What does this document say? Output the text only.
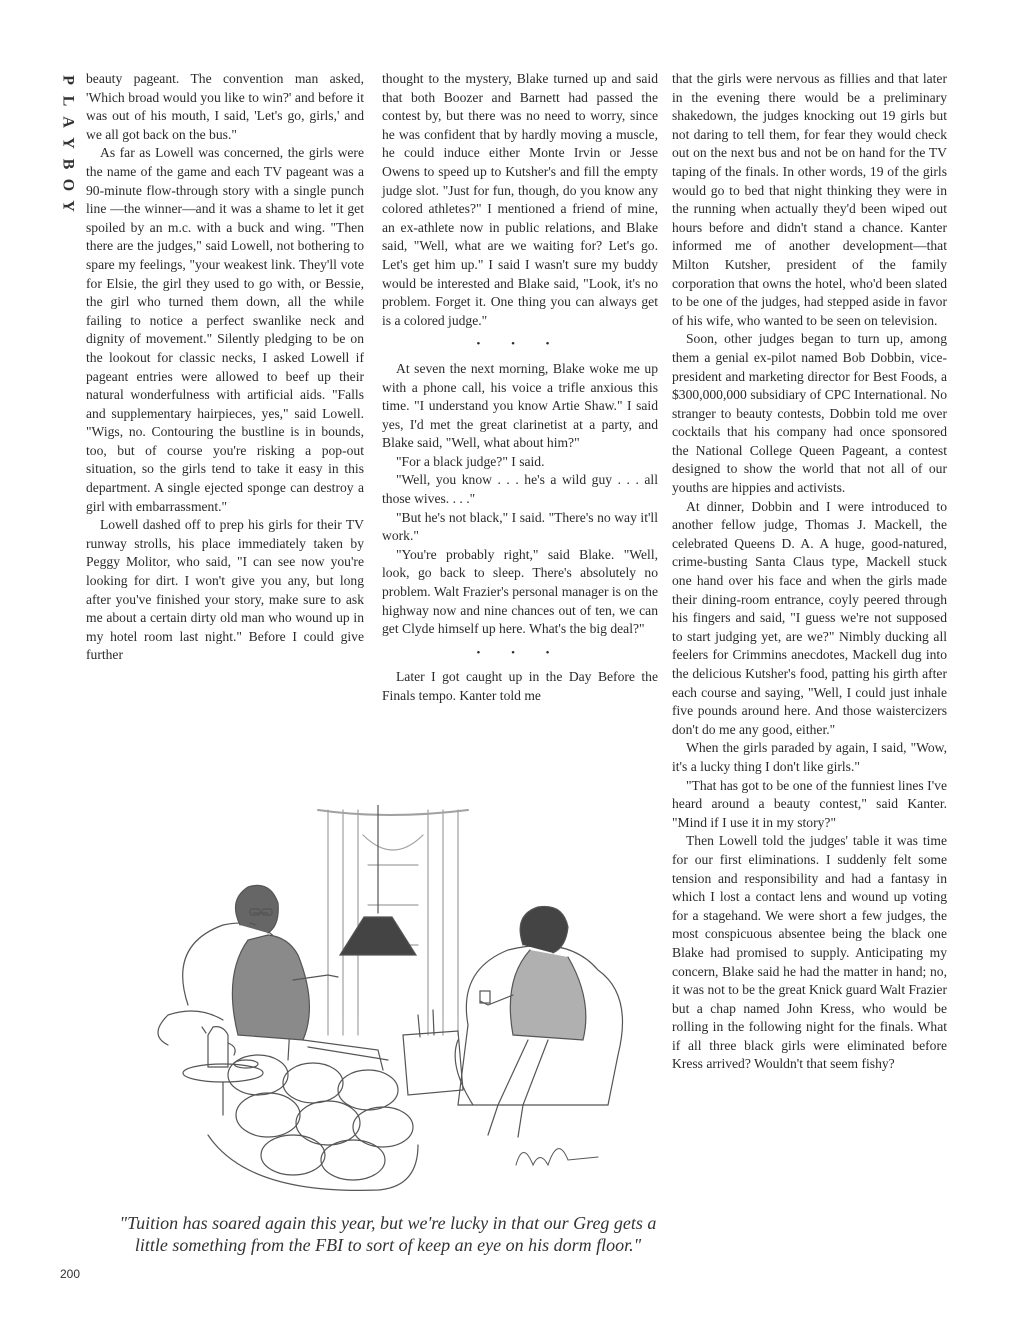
P
L
A
Y
B
O
Y

beauty pageant. The convention man asked, 'Which broad would you like to win?' and before it was out of his mouth, I said, 'Let's go, girls,' and we all got back on the bus."

As far as Lowell was concerned, the girls were the name of the game and each TV pageant was a 90-minute flow-through story with a single punch line —the winner—and it was a shame to let it get spoiled by an m.c. with a buck and wing. "Then there are the judges," said Lowell, not bothering to spare my feelings, "your weakest link. They'll vote for Elsie, the girl they used to go with, or Bessie, the girl who turned them down, all the while failing to notice a perfect swanlike neck and dignity of movement." Silently pledging to be on the lookout for classic necks, I asked Lowell if pageant entries were allowed to beef up their natural wonderfulness with artificial aids. "Falls and supplementary hairpieces, yes," said Lowell. "Wigs, no. Contouring the bustline is in bounds, too, but of course you're risking a pop-out situation, so the girls tend to take it easy in this department. A single ejected sponge can destroy a girl with embarrassment."

Lowell dashed off to prep his girls for their TV runway strolls, his place immediately taken by Peggy Molitor, who said, "I can see now you're looking for dirt. I won't give you any, but long after you've finished your story, make sure to ask me about a certain dirty old man who wound up in my hotel room last night." Before I could give further

thought to the mystery, Blake turned up and said that both Boozer and Barnett had passed the contest by, but there was no need to worry, since he was confident that by hardly moving a muscle, he could induce either Monte Irvin or Jesse Owens to speed up to Kutsher's and fill the empty judge slot. "Just for fun, though, do you know any colored athletes?" I mentioned a friend of mine, an ex-athlete now in public relations, and Blake said, "Well, what are we waiting for? Let's go. Let's get him up." I said I wasn't sure my buddy would be interested and Blake said, "Look, it's no problem. Forget it. One thing you can always get is a colored judge."

• • •

At seven the next morning, Blake woke me up with a phone call, his voice a trifle anxious this time. "I understand you know Artie Shaw." I said yes, I'd met the great clarinetist at a party, and Blake said, "Well, what about him?"

"For a black judge?" I said.

"Well, you know . . . he's a wild guy . . . all those wives. . . ."

"But he's not black," I said. "There's no way it'll work."

"You're probably right," said Blake. "Well, look, go back to sleep. There's absolutely no problem. Walt Frazier's personal manager is on the highway now and nine chances out of ten, we can get Clyde himself up here. What's the big deal?"

• • •

Later I got caught up in the Day Before the Finals tempo. Kanter told me

that the girls were nervous as fillies and that later in the evening there would be a preliminary shakedown, the judges knocking out 19 girls but not daring to tell them, for fear they would check out on the next bus and not be on hand for the TV taping of the finals. In other words, 19 of the girls would go to bed that night thinking they were in the running when actually they'd been wiped out hours before and didn't stand a chance. Kanter informed me of another development—that Milton Kutsher, president of the family corporation that owns the hotel, who'd been slated to be one of the judges, had stepped aside in favor of his wife, who wanted to be seen on television.

Soon, other judges began to turn up, among them a genial ex-pilot named Bob Dobbin, vice-president and marketing director for Best Foods, a $300,000,000 subsidiary of CPC International. No stranger to beauty contests, Dobbin told me over cocktails that his company had once sponsored the National College Queen Pageant, a contest designed to show the world that not all of our youths are hippies and activists.

At dinner, Dobbin and I were introduced to another fellow judge, Thomas J. Mackell, the celebrated Queens D. A. A huge, good-natured, crime-busting Santa Claus type, Mackell stuck one hand over his face and when the girls made their dining-room entrance, coyly peered through his fingers and said, "I guess we're not supposed to start judging yet, are we?" Nimbly ducking all feelers for Crimmins anecdotes, Mackell dug into the delicious Kutsher's food, patting his girth after each course and saying, "Well, I could just inhale five pounds around here. And those waistercizers don't do me any good, either."

When the girls paraded by again, I said, "Wow, it's a lucky thing I don't like girls."

"That has got to be one of the funniest lines I've heard around a beauty contest," said Kanter. "Mind if I use it in my story?"

Then Lowell told the judges' table it was time for our first eliminations. I suddenly felt some tension and responsibility and had a fantasy in which I lost a contact lens and wound up voting for a stagehand. We were short a few judges, the most conspicuous absentee being the black one Blake had promised to supply. Anticipating my concern, Blake said he had the matter in hand; no, it was not to be the great Knick guard Walt Frazier but a chap named John Kress, who would be rolling in the following night for the finals. What if all three black girls were eliminated before Kress arrived? Wouldn't that seem fishy?

"Tuition has soared again this year, but we're lucky in that our Greg gets a little something from the FBI to sort of keep an eye on his dorm floor."
200
